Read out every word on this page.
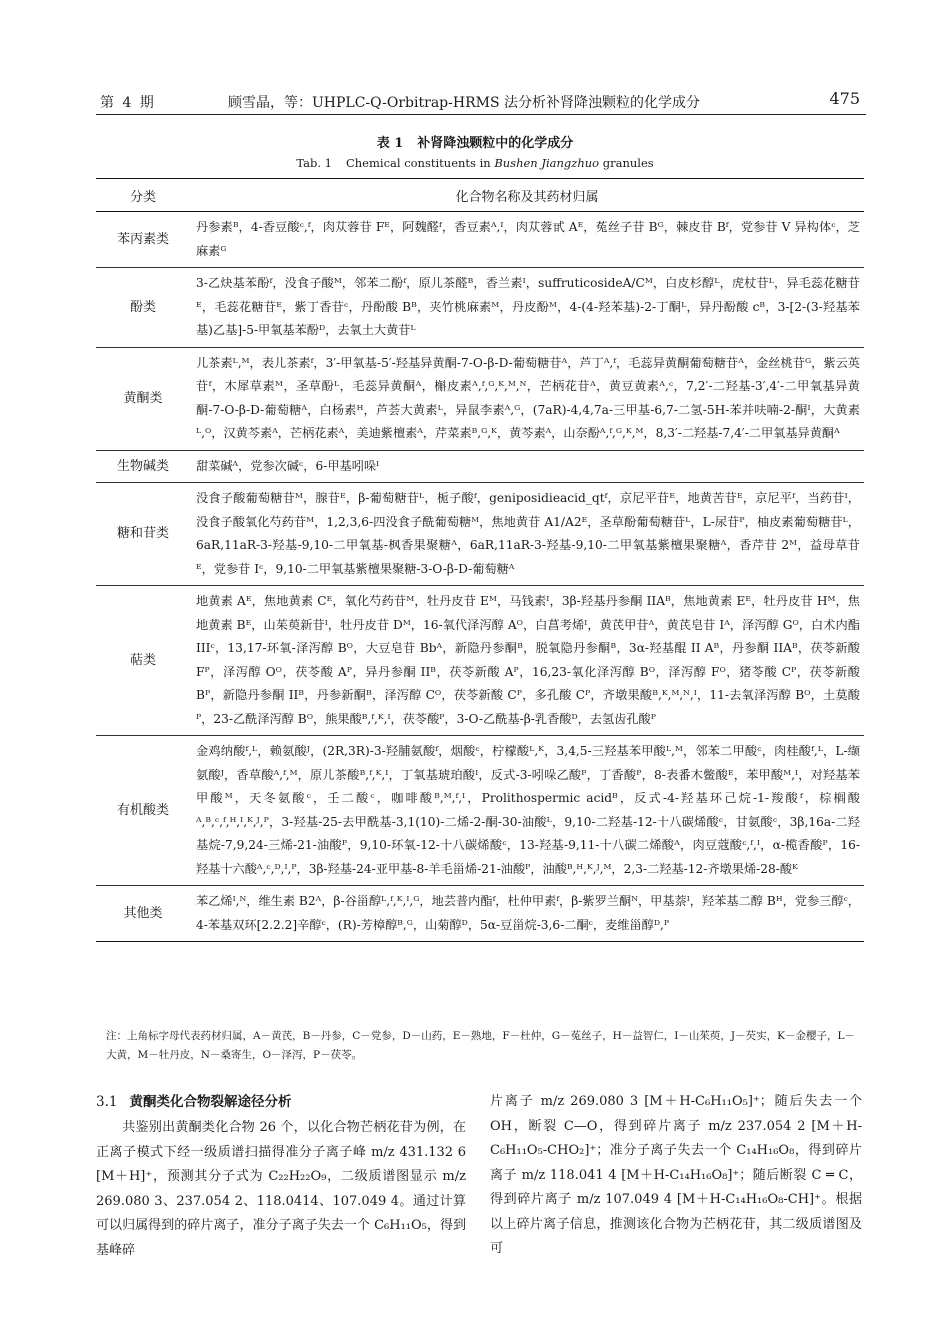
第 4 期	顾雪晶，等：UHPLC-Q-Orbitrap-HRMS 法分析补肾降浊颗粒的化学成分	475
表 1 补肾降浊颗粒中的化学成分
Tab. 1 Chemical constituents in Bushen Jiangzhuo granules
分类	化合物名称及其药材归属
苯丙素类	丹参素ᴮ，4-香豆酸ᶜ,ᶠ，肉苁蓉苷 Fᴱ，阿魏醛ᶠ，香豆素ᴬ,ᴵ，肉苁蓉甙 Aᴱ，菟丝子苷 Bᴳ，棘皮苷 Bᶠ，党参苷 V 异构体ᶜ，芝麻素ᴳ
酚类	3-乙炔基苯酚ᶠ，没食子酸ᴹ，邻苯二酚ᶠ，原儿茶醛ᴮ，香兰素ᴵ，suffruticosideA/Cᴹ，白皮杉醇ᴸ，虎杖苷ᴸ，异毛蕊花糖苷ᴱ，毛蕊花糖苷ᴱ，紫丁香苷ᶜ，丹酚酸 Bᴮ，夹竹桃麻素ᴹ，丹皮酚ᴹ，4-(4-羟苯基)-2-丁酮ᴸ，异丹酚酸 cᴮ，3-[2-(3-羟基苯基)乙基]-5-甲氧基苯酚ᴰ，去氧土大黄苷ᴸ
黄酮类	儿茶素ᴸ,ᴹ，表儿茶素ᶠ，3′-甲氧基-5′-羟基异黄酮-7-O-β-D-葡萄糖苷ᴬ，芦丁ᴬ,ᶠ，毛蕊异黄酮葡萄糖苷ᴬ，金丝桃苷ᴳ，紫云英苷ᶠ，木犀草素ᴹ，圣草酚ᴸ，毛蕊异黄酮ᴬ，槲皮素ᴬ,ᶠ,ᴳ,ᴷ,ᴹ,ᴺ，芒柄花苷ᴬ，黄豆黄素ᴬ,ᶜ，7,2′-二羟基-3′,4′-二甲氧基异黄酮-7-O-β-D-葡萄糖ᴬ，白杨素ᴴ，芦荟大黄素ᴸ，异鼠李素ᴬ,ᴳ，(7aR)-4,4,7a-三甲基-6,7-二氢-5H-苯并呋喃-2-酮ᴵ，大黄素ᴸ,ᴼ，汉黄芩素ᴬ，芒柄花素ᴬ，美迪紫檀素ᴬ，芹菜素ᴮ,ᴳ,ᴷ，黄芩素ᴬ，山奈酚ᴬ,ᶠ,ᴳ,ᴷ,ᴹ，8,3′-二羟基-7,4′-二甲氧基异黄酮ᴬ
生物碱类	甜菜碱ᴬ，党参次碱ᶜ，6-甲基吲哚ᴵ
糖和苷类	没食子酸葡萄糖苷ᴹ，腺苷ᴱ，β-葡萄糖苷ᴸ，栀子酸ᶠ，geniposidieacid_qtᶠ，京尼平苷ᴱ，地黄苦苷ᴱ，京尼平ᶠ，当药苷ᴵ，没食子酸氧化芍药苷ᴹ，1,2,3,6-四没食子酰葡萄糖ᴹ，焦地黄苷 A1/A2ᴱ，圣草酚葡萄糖苷ᴸ，L-尿苷ᴾ，柚皮素葡萄糖苷ᴸ，6aR,11aR-3-羟基-9,10-二甲氧基-枫香果聚糖ᴬ，6aR,11aR-3-羟基-9,10-二甲氧基紫檀果聚糖ᴬ，香芹苷 2ᴹ，益母草苷ᴱ，党参苷 Iᶜ，9,10-二甲氧基紫檀果聚糖-3-O-β-D-葡萄糖ᴬ
萜类	地黄素 Aᴱ，焦地黄素 Cᴱ，氧化芍药苷ᴹ，牡丹皮苷 Eᴹ，马钱素ᴵ，3β-羟基丹参酮 IIAᴮ，焦地黄素 Eᴱ，牡丹皮苷 Hᴹ，焦地黄素 Bᴱ，山茱萸新苷ᴵ，牡丹皮苷 Dᴹ，16-氧代泽泻醇 Aᴼ，白菖考烯ᴵ，黄芪甲苷ᴬ，黄芪皂苷 Iᴬ，泽泻醇 Gᴼ，白术内酯 IIIᶜ，13,17-环氧-泽泻醇 Bᴼ，大豆皂苷 Bbᴬ，新隐丹参酮ᴮ，脱氧隐丹参酮ᴮ，3α-羟基醌 II Aᴮ，丹参酮 IIAᴮ，茯苓新酸 Fᴾ，泽泻醇 Oᴼ，茯苓酸 Aᴾ，异丹参酮 IIᴮ，茯苓新酸 Aᴾ，16,23-氧化泽泻醇 Bᴼ，泽泻醇 Fᴼ，猪苓酸 Cᴾ，茯苓新酸 Bᴾ，新隐丹参酮 IIᴮ，丹参新酮ᴮ，泽泻醇 Cᴼ，茯苓新酸 Cᴾ，多孔酸 Cᴾ，齐墩果酸ᴮ,ᴷ,ᴹ,ᴺ,ᴵ，11-去氧泽泻醇 Bᴼ，土莫酸ᴾ，23-乙酰泽泻醇 Bᴼ，熊果酸ᴮ,ᶠ,ᴷ,ᴵ，茯苓酸ᴾ，3-O-乙酰基-β-乳香酸ᴰ，去氢齿孔酸ᴾ
有机酸类	金鸡纳酸ᶠ,ᴸ，赖氨酸ᴶ，(2R,3R)-3-羟脯氨酸ᶠ，烟酸ᶜ，柠檬酸ᴸ,ᴷ，3,4,5-三羟基苯甲酸ᴸ,ᴹ，邻苯二甲酸ᶜ，肉桂酸ᶠ,ᴸ，L-缬氨酸ᴶ，香草酸ᴬ,ᶠ,ᴹ，原儿茶酸ᴮ,ᶠ,ᴷ,ᴵ，丁氧基琥珀酸ᴵ，反式-3-吲哚乙酸ᴾ，丁香酸ᴾ，8-表番木鳖酸ᴱ，苯甲酸ᴹ,ᴵ，对羟基苯甲酸ᴹ，天冬氨酸ᶜ，壬二酸ᶜ，咖啡酸ᴮ,ᴹ,ᶠ,ᴵ，Prolithospermic acidᴮ，反式-4-羟基环己烷-1-羧酸ᶠ，棕榈酸ᴬ,ᴮ,ᶜ,ᶠ,ᴴ,ᴵ,ᴷ,ᴶ,ᴾ，3-羟基-25-去甲酰基-3,1(10)-二烯-2-酮-30-油酸ᴸ，9,10-二羟基-12-十八碳烯酸ᶜ，甘氨酸ᶜ，3β,16a-二羟基烷-7,9,24-三烯-21-油酸ᴾ，9,10-环氧-12-十八碳烯酸ᶜ，13-羟基-9,11-十八碳二烯酸ᴬ，肉豆蔻酸ᶜ,ᶠ,ᴵ，α-榄香酸ᴾ，16-羟基十六酸ᴬ,ᶜ,ᴰ,ᴵ,ᴾ，3β-羟基-24-亚甲基-8-羊毛甾烯-21-油酸ᴾ，油酸ᴮ,ᴴ,ᴷ,ᴶ,ᴹ，2,3-二羟基-12-齐墩果烯-28-酸ᴷ
其他类	苯乙烯ᴵ,ᴺ，维生素 B2ᴬ，β-谷甾醇ᴸ,ᶠ,ᴷ,ᴵ,ᴳ，地芸普内酯ᶠ，杜仲甲素ᶠ，β-紫罗兰酮ᴺ，甲基萘ᴵ，羟苯基二醇 Bᴴ，党参三醇ᶜ，4-苯基双环[2.2.2]辛醇ᶜ，(R)-芳樟醇ᴮ,ᴳ，山菊醇ᴰ，5α-豆甾烷-3,6-二酮ᶜ，麦维甾醇ᴰ,ᴾ
注：上角标字母代表药材归属，A－黄芪，B－丹参，C－党参，D－山药，E－熟地，F－杜仲，G－菟丝子，H－益智仁，I－山茱萸，J－芡实，K－金樱子，L－大黄，M－牡丹皮，N－桑寄生，O－泽泻，P－茯苓。
3.1 黄酮类化合物裂解途径分析

共鉴别出黄酮类化合物 26 个，以化合物芒柄花苷为例，在正离子模式下经一级质谱扫描得准分子离子峰 m/z 431.132 6 [M＋H]⁺，预测其分子式为 C₂₂H₂₂O₉，二级质谱图显示 m/z 269.080 3、237.054 2、118.0414、107.049 4。通过计算可以归属得到的碎片离子，准分子离子失去一个 C₆H₁₁O₅，得到基峰碎

片离子 m/z 269.080 3 [M＋H-C₆H₁₁O₅]⁺；随后失去一个 OH，断裂 C—O，得到碎片离子 m/z 237.054 2 [M＋H-C₆H₁₁O₅-CHO₂]⁺；准分子离子失去一个 C₁₄H₁₆O₈，得到碎片离子 m/z 118.041 4 [M＋H-C₁₄H₁₆O₈]⁺；随后断裂 C ═ C，得到碎片离子 m/z 107.049 4 [M＋H-C₁₄H₁₆O₈-CH]⁺。根据以上碎片离子信息，推测该化合物为芒柄花苷，其二级质谱图及可
